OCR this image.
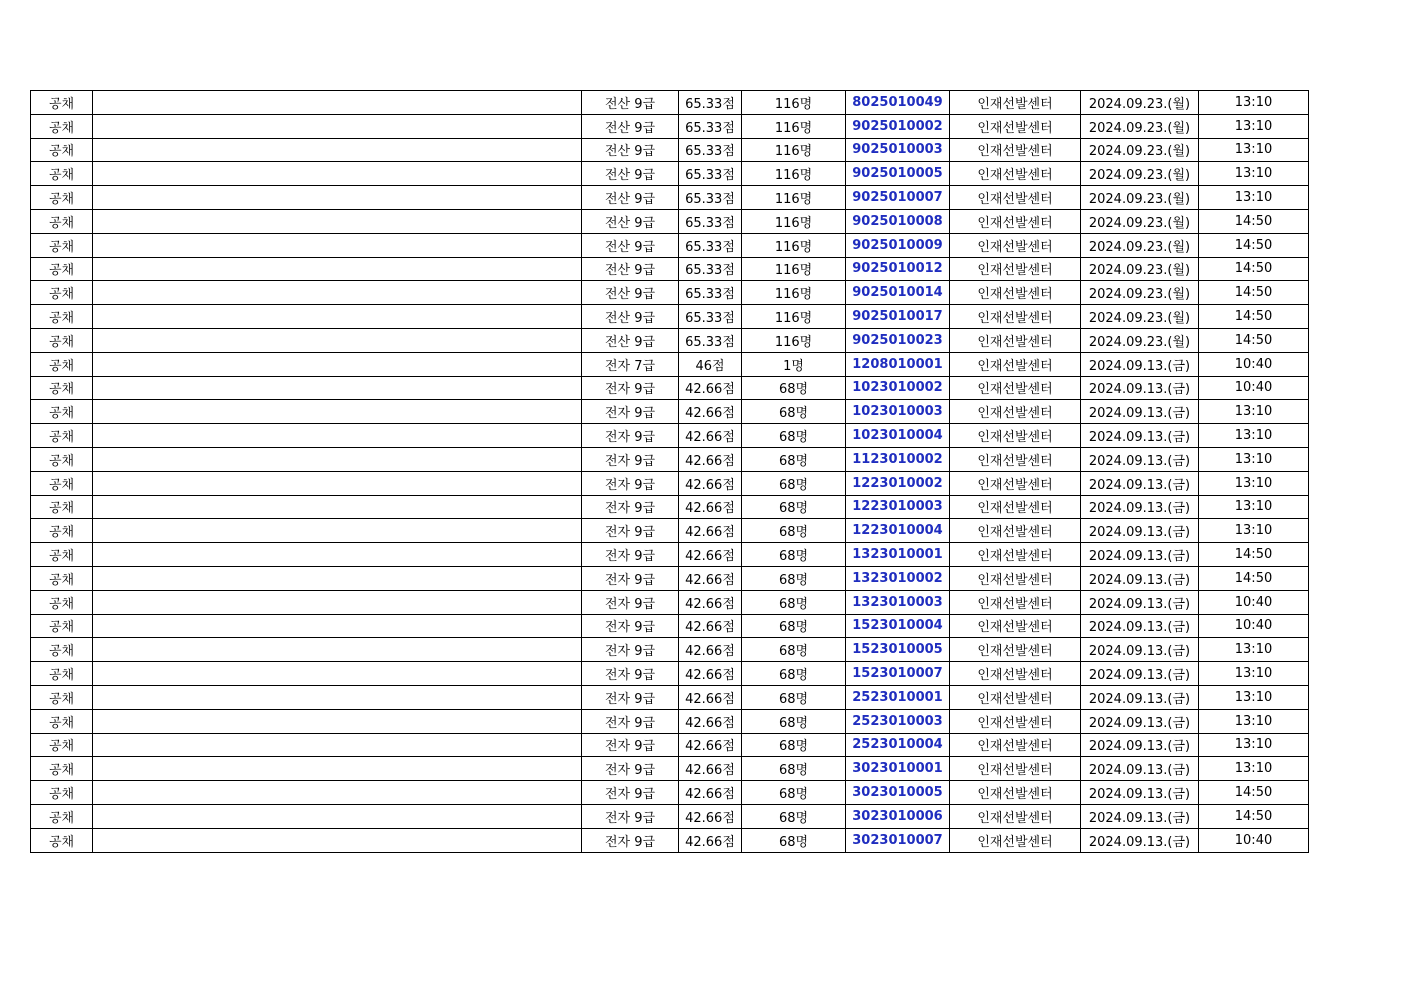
공채		전산 9급	65.33점	116명	8025010049	인재선발센터	2024.09.23.(월)	13:10
공채		전산 9급	65.33점	116명	9025010002	인재선발센터	2024.09.23.(월)	13:10
공채		전산 9급	65.33점	116명	9025010003	인재선발센터	2024.09.23.(월)	13:10
공채		전산 9급	65.33점	116명	9025010005	인재선발센터	2024.09.23.(월)	13:10
공채		전산 9급	65.33점	116명	9025010007	인재선발센터	2024.09.23.(월)	13:10
공채		전산 9급	65.33점	116명	9025010008	인재선발센터	2024.09.23.(월)	14:50
공채		전산 9급	65.33점	116명	9025010009	인재선발센터	2024.09.23.(월)	14:50
공채		전산 9급	65.33점	116명	9025010012	인재선발센터	2024.09.23.(월)	14:50
공채		전산 9급	65.33점	116명	9025010014	인재선발센터	2024.09.23.(월)	14:50
공채		전산 9급	65.33점	116명	9025010017	인재선발센터	2024.09.23.(월)	14:50
공채		전산 9급	65.33점	116명	9025010023	인재선발센터	2024.09.23.(월)	14:50
공채		전자 7급	46점	1명	1208010001	인재선발센터	2024.09.13.(금)	10:40
공채		전자 9급	42.66점	68명	1023010002	인재선발센터	2024.09.13.(금)	10:40
공채		전자 9급	42.66점	68명	1023010003	인재선발센터	2024.09.13.(금)	13:10
공채		전자 9급	42.66점	68명	1023010004	인재선발센터	2024.09.13.(금)	13:10
공채		전자 9급	42.66점	68명	1123010002	인재선발센터	2024.09.13.(금)	13:10
공채		전자 9급	42.66점	68명	1223010002	인재선발센터	2024.09.13.(금)	13:10
공채		전자 9급	42.66점	68명	1223010003	인재선발센터	2024.09.13.(금)	13:10
공채		전자 9급	42.66점	68명	1223010004	인재선발센터	2024.09.13.(금)	13:10
공채		전자 9급	42.66점	68명	1323010001	인재선발센터	2024.09.13.(금)	14:50
공채		전자 9급	42.66점	68명	1323010002	인재선발센터	2024.09.13.(금)	14:50
공채		전자 9급	42.66점	68명	1323010003	인재선발센터	2024.09.13.(금)	10:40
공채		전자 9급	42.66점	68명	1523010004	인재선발센터	2024.09.13.(금)	10:40
공채		전자 9급	42.66점	68명	1523010005	인재선발센터	2024.09.13.(금)	13:10
공채		전자 9급	42.66점	68명	1523010007	인재선발센터	2024.09.13.(금)	13:10
공채		전자 9급	42.66점	68명	2523010001	인재선발센터	2024.09.13.(금)	13:10
공채		전자 9급	42.66점	68명	2523010003	인재선발센터	2024.09.13.(금)	13:10
공채		전자 9급	42.66점	68명	2523010004	인재선발센터	2024.09.13.(금)	13:10
공채		전자 9급	42.66점	68명	3023010001	인재선발센터	2024.09.13.(금)	13:10
공채		전자 9급	42.66점	68명	3023010005	인재선발센터	2024.09.13.(금)	14:50
공채		전자 9급	42.66점	68명	3023010006	인재선발센터	2024.09.13.(금)	14:50
공채		전자 9급	42.66점	68명	3023010007	인재선발센터	2024.09.13.(금)	10:40
